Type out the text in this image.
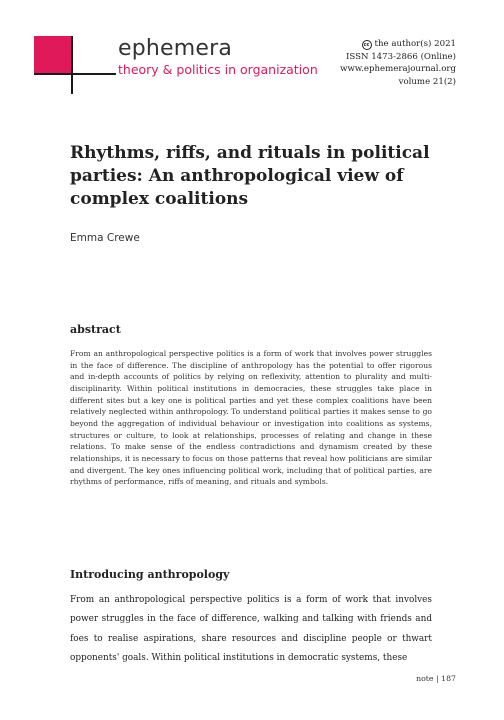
ephemera
theory & politics in organization
cc the author(s) 2021
ISSN 1473-2866 (Online)
www.ephemerajournal.org
volume 21(2)
Rhythms, riffs, and rituals in political parties: An anthropological view of complex coalitions
Emma Crewe
abstract
From an anthropological perspective politics is a form of work that involves power struggles in the face of difference. The discipline of anthropology has the potential to offer rigorous and in-depth accounts of politics by relying on reflexivity, attention to plurality and multi-disciplinarity. Within political institutions in democracies, these struggles take place in different sites but a key one is political parties and yet these complex coalitions have been relatively neglected within anthropology. To understand political parties it makes sense to go beyond the aggregation of individual behaviour or investigation into coalitions as systems, structures or culture, to look at relationships, processes of relating and change in these relations. To make sense of the endless contradictions and dynamism created by these relationships, it is necessary to focus on those patterns that reveal how politicians are similar and divergent. The key ones influencing political work, including that of political parties, are rhythms of performance, riffs of meaning, and rituals and symbols.
Introducing anthropology
From an anthropological perspective politics is a form of work that involves power struggles in the face of difference, walking and talking with friends and foes to realise aspirations, share resources and discipline people or thwart opponents' goals. Within political institutions in democratic systems, these
note | 187
